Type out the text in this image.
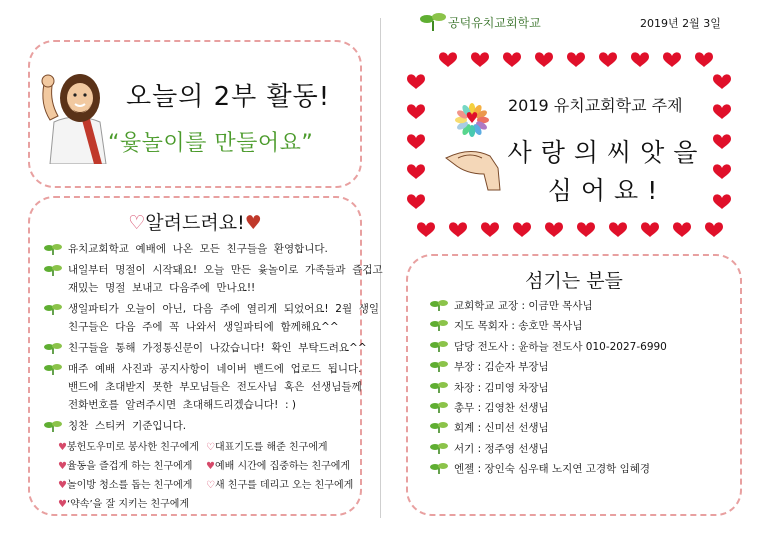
오늘의 2부 활동!
“윷놀이를 만들어요”
♡알려드려요!♥
유치교회학교  예배에  나온  모든  친구들을  환영합니다.
내일부터  명절이  시작돼요!  오늘  만든  윷놀이로  가족들과  즐겁고
재밌는  명절  보내고  다음주에  만나요!!
생일파티가  오늘이  아닌,  다음  주에  열리게  되었어요!  2월  생일
친구들은  다음  주에  꼭  나와서  생일파티에  함께해요^^
친구들을  통해  가정통신문이  나갔습니다!  확인  부탁드려요^^
매주  예배  사진과  공지사항이  네이버  밴드에  업로드  됩니다.
밴드에  초대받지  못한  부모님들은  전도사님  혹은  선생님들께
전화번호를  알려주시면  초대해드리겠습니다!  : )
칭찬  스티커  기준입니다.
♥봉헌도우미로 봉사한 친구에게 ♡대표기도를 해준 친구에게
♥율동을 즐겁게 하는 친구에게	♥예배 시간에 집중하는 친구에게
♥놀이방 청소를 돕는 친구에게	♡새 친구를 데리고 오는 친구에게
♥‘약속’을 잘 지키는 친구에게
공덕유치교회학교	2019년 2월 3일
2019 유치교회학교 주제
사랑의씨앗을
심어요!
섬기는 분들
교회학교 교장 : 이금만 목사님
지도 목회자 : 송호만 목사님
담당 전도사 : 윤하늘 전도사 010-2027-6990
부장 : 김순자 부장님
차장 : 김미영 차장님
총무 : 김영찬 선생님
회계 : 신미선 선생님
서기 : 정주영 선생님
엔젤 : 장인숙 심우태 노지연 고경학 임혜경
